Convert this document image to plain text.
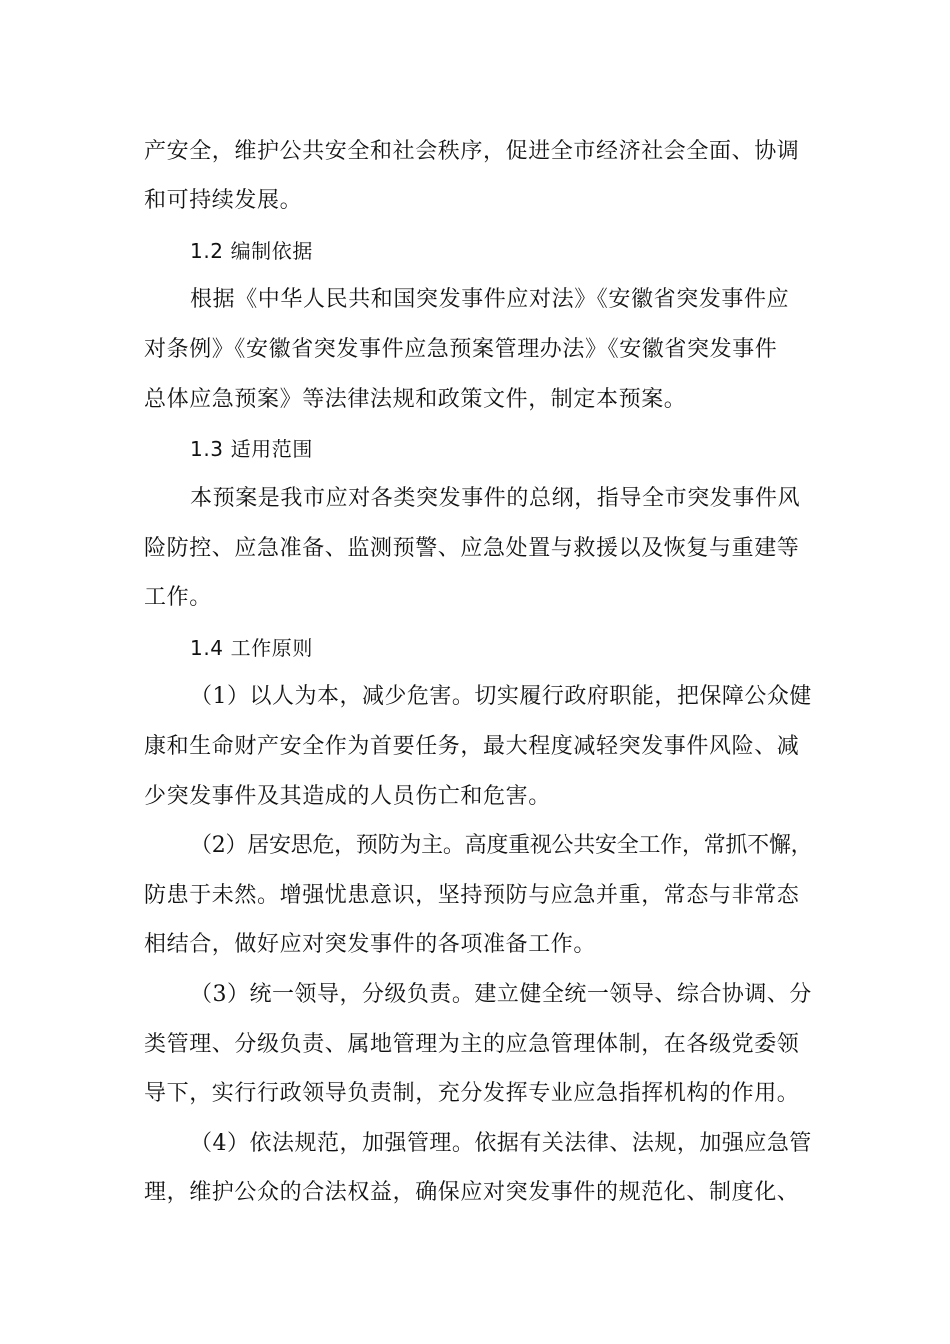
产安全，维护公共安全和社会秩序，促进全市经济社会全面、协调
和可持续发展。
1.2 编制依据
根据《中华人民共和国突发事件应对法》《安徽省突发事件应
对条例》《安徽省突发事件应急预案管理办法》《安徽省突发事件
总体应急预案》等法律法规和政策文件，制定本预案。
1.3 适用范围
本预案是我市应对各类突发事件的总纲，指导全市突发事件风
险防控、应急准备、监测预警、应急处置与救援以及恢复与重建等
工作。
1.4 工作原则
（1）以人为本，减少危害。切实履行政府职能，把保障公众健
康和生命财产安全作为首要任务，最大程度减轻突发事件风险、减
少突发事件及其造成的人员伤亡和危害。
（2）居安思危，预防为主。高度重视公共安全工作，常抓不懈，
防患于未然。增强忧患意识，坚持预防与应急并重，常态与非常态
相结合，做好应对突发事件的各项准备工作。
（3）统一领导，分级负责。建立健全统一领导、综合协调、分
类管理、分级负责、属地管理为主的应急管理体制，在各级党委领
导下，实行行政领导负责制，充分发挥专业应急指挥机构的作用。
（4）依法规范，加强管理。依据有关法律、法规，加强应急管
理，维护公众的合法权益，确保应对突发事件的规范化、制度化、
